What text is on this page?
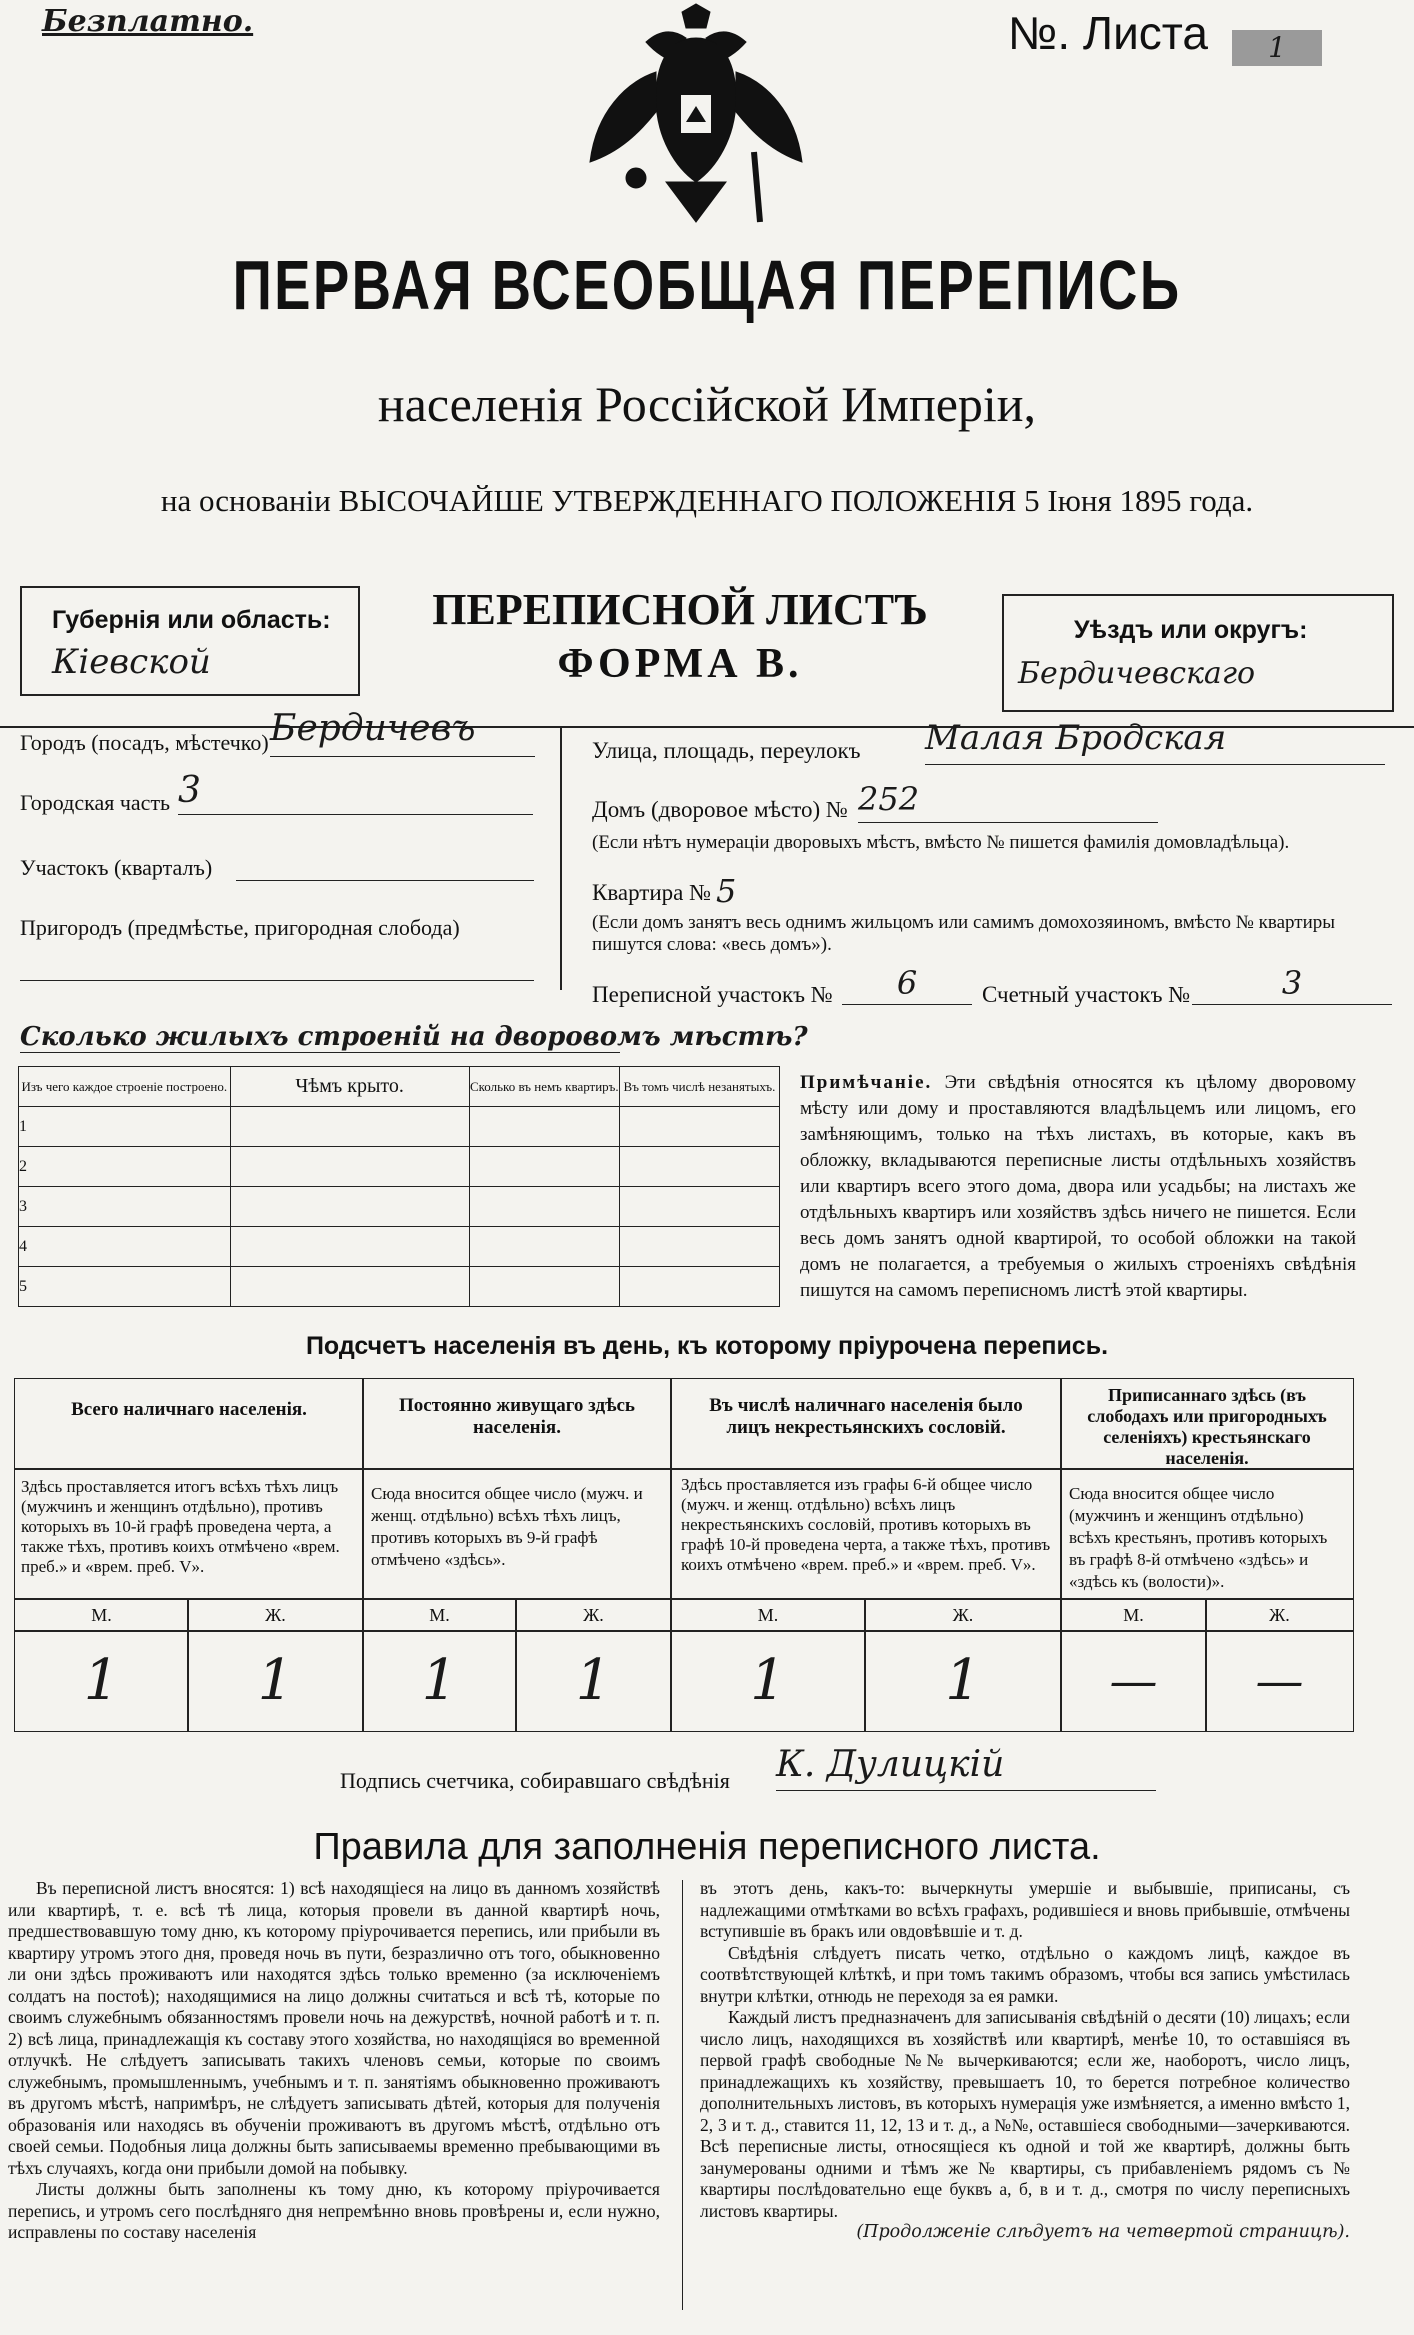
Безплатно.	№. Листа	1
ПЕРВАЯ ВСЕОБЩАЯ ПЕРЕПИСЬ
населенія Россійской Имперіи,
на основаніи ВЫСОЧАЙШЕ УТВЕРЖДЕННАГО ПОЛОЖЕНІЯ 5 Іюня 1895 года.
Губернія или область:
Кіевской
ПЕРЕПИСНОЙ ЛИСТЪ
ФОРМА В.
Уѣздъ или округъ:
Бердичевскаго
Городъ (посадъ, мѣстечко) Бердичевъ
Городская часть 3
Участокъ (кварталъ)
Пригородъ (предмѣстье, пригородная слобода)
Улица, площадь, переулокъ Малая Бродская
Домъ (дворовое мѣсто) № 252
(Если нѣтъ нумераціи дворовыхъ мѣстъ, вмѣсто № пишется фамилія домовладѣльца).
Квартира № 5
(Если домъ занятъ весь однимъ жильцомъ или самимъ домохозяиномъ, вмѣсто № квартиры пишутся слова: «весь домъ»).
Переписной участокъ №	6	Счетный участокъ №	3
Сколько жилыхъ строеній на дворовомъ мѣстѣ?
Изъ чего каждое строеніе построено.	Чѣмъ крыто.	Сколько въ немъ квартиръ.	Въ томъ числѣ незанятыхъ.
1			
2			
3			
4			
5			
Примѣчаніе. Эти свѣдѣнія относятся къ цѣлому дворовому мѣсту или дому и проставляются владѣльцемъ или лицомъ, его замѣняющимъ, только на тѣхъ листахъ, въ которые, какъ въ обложку, вкладываются переписные листы отдѣльныхъ хозяйствъ или квартиръ всего этого дома, двора или усадьбы; на листахъ же отдѣльныхъ квартиръ или хозяйствъ здѣсь ничего не пишется. Если весь домъ занятъ одной квартирой, то особой обложки на такой домъ не полагается, а требуемыя о жилыхъ строеніяхъ свѣдѣнія пишутся на самомъ переписномъ листѣ этой квартиры.
Подсчетъ населенія въ день, къ которому пріурочена перепись.
Всего наличнаго населенія.
Здѣсь проставляется итогъ всѣхъ тѣхъ лицъ (мужчинъ и женщинъ отдѣльно), противъ которыхъ въ 10-й графѣ проведена черта, а также тѣхъ, противъ коихъ отмѣчено «врем. преб.» и «врем. преб. V».
М.	Ж.
1	1
Постоянно живущаго здѣсь населенія.
Сюда вносится общее число (мужч. и женщ. отдѣльно) всѣхъ тѣхъ лицъ, противъ которыхъ въ 9-й графѣ отмѣчено «здѣсь».
М.	Ж.
1	1
Въ числѣ наличнаго населенія было лицъ некрестьянскихъ сословій.
Здѣсь проставляется изъ графы 6-й общее число (мужч. и женщ. отдѣльно) всѣхъ лицъ некрестьянскихъ сословій, противъ которыхъ въ графѣ 10-й проведена черта, а также тѣхъ, противъ коихъ отмѣчено «врем. преб.» и «врем. преб. V».
М.	Ж.
1	1
Приписаннаго здѣсь (въ слободахъ или пригородныхъ селеніяхъ) крестьянскаго населенія.
Сюда вносится общее число (мужчинъ и женщинъ отдѣльно) всѣхъ крестьянъ, противъ которыхъ въ графѣ 8-й отмѣчено «здѣсь» и «здѣсь къ (волости)».
М.	Ж.
—	—
Подпись счетчика, собиравшаго свѣдѣнія К. Дулицкій
Правила для заполненія переписного листа.

Въ переписной листъ вносятся: 1) всѣ находящіеся на лицо въ данномъ хозяйствѣ или квартирѣ, т. е. всѣ тѣ лица, которыя провели въ данной квартирѣ ночь, предшествовавшую тому дню, къ которому пріурочивается перепись, или прибыли въ квартиру утромъ этого дня, проведя ночь въ пути, безразлично отъ того, обыкновенно ли они здѣсь проживаютъ или находятся здѣсь только временно (за исключеніемъ солдатъ на постоѣ); находящимися на лицо должны считаться и всѣ тѣ, которые по своимъ служебнымъ обязанностямъ провели ночь на дежурствѣ, ночной работѣ и т. п. 2) всѣ лица, принадлежащія къ составу этого хозяйства, но находящіяся во временной отлучкѣ. Не слѣдуетъ записывать такихъ членовъ семьи, которые по своимъ служебнымъ, промышленнымъ, учебнымъ и т. п. занятіямъ обыкновенно проживаютъ въ другомъ мѣстѣ, напримѣръ, не слѣдуетъ записывать дѣтей, которыя для полученія образованія или находясь въ обученіи проживаютъ въ другомъ мѣстѣ, отдѣльно отъ своей семьи. Подобныя лица должны быть записываемы временно пребывающими въ тѣхъ случаяхъ, когда они прибыли домой на побывку.

Листы должны быть заполнены къ тому дню, къ которому пріурочивается перепись, и утромъ сего послѣдняго дня непремѣнно вновь провѣрены и, если нужно, исправлены по составу населенія

въ этотъ день, какъ-то: вычеркнуты умершіе и выбывшіе, приписаны, съ надлежащими отмѣтками во всѣхъ графахъ, родившіеся и вновь прибывшіе, отмѣчены вступившіе въ бракъ или овдовѣвшіе и т. д.

Свѣдѣнія слѣдуетъ писать четко, отдѣльно о каждомъ лицѣ, каждое въ соотвѣтствующей клѣткѣ, и при томъ такимъ образомъ, чтобы вся запись умѣстилась внутри клѣтки, отнюдь не переходя за ея рамки.

Каждый листъ предназначенъ для записыванія свѣдѣній о десяти (10) лицахъ; если число лицъ, находящихся въ хозяйствѣ или квартирѣ, менѣе 10, то оставшіяся въ первой графѣ свободные №№ вычеркиваются; если же, наоборотъ, число лицъ, принадлежащихъ къ хозяйству, превышаетъ 10, то берется потребное количество дополнительныхъ листовъ, въ которыхъ нумерація уже измѣняется, а именно вмѣсто 1, 2, 3 и т. д., ставится 11, 12, 13 и т. д., а №№, оставшіеся свободными—зачеркиваются. Всѣ переписные листы, относящіеся къ одной и той же квартирѣ, должны быть занумерованы одними и тѣмъ же № квартиры, съ прибавленіемъ рядомъ съ № квартиры послѣдовательно еще буквъ а, б, в и т. д., смотря по числу переписныхъ листовъ квартиры.

(Продолженіе слѣдуетъ на четвертой страницѣ).
